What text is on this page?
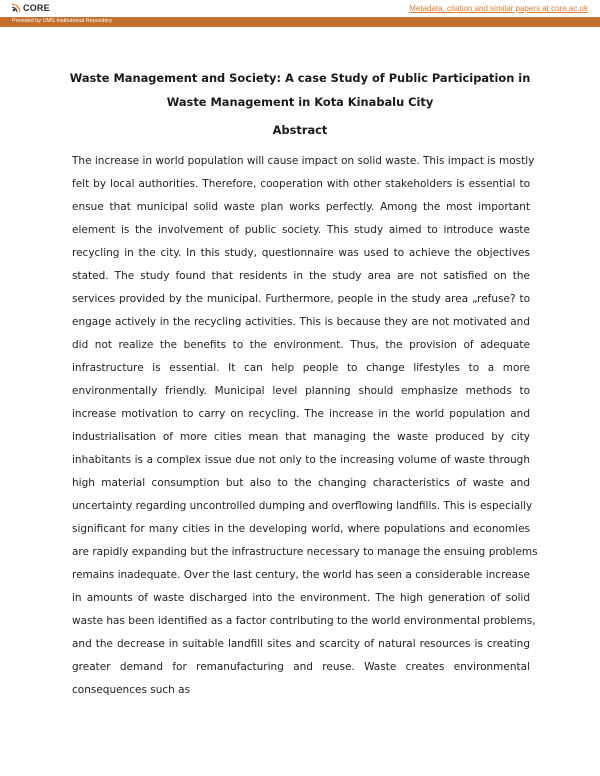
CORE	Metadata, citation and similar papers at core.ac.uk
Provided by UMS Institutional Repository
Waste Management and Society: A case Study of Public Participation in
Waste Management in Kota Kinabalu City
Abstract
The increase in world population will cause impact on solid waste. This impact is mostly
felt by local authorities. Therefore, cooperation with other stakeholders is essential to
ensue that municipal solid waste plan works perfectly. Among the most important
element is the involvement of public society. This study aimed to introduce waste
recycling in the city. In this study, questionnaire was used to achieve the objectives
stated. The study found that residents in the study area are not satisfied on the
services provided by the municipal. Furthermore, people in the study area „refuse? to
engage actively in the recycling activities. This is because they are not motivated and
did not realize the benefits to the environment. Thus, the provision of adequate
infrastructure is essential. It can help people to change lifestyles to a more
environmentally friendly. Municipal level planning should emphasize methods to
increase motivation to carry on recycling. The increase in the world population and
industrialisation of more cities mean that managing the waste produced by city
inhabitants is a complex issue due not only to the increasing volume of waste through
high material consumption but also to the changing characteristics of waste and
uncertainty regarding uncontrolled dumping and overflowing landfills. This is especially
significant for many cities in the developing world, where populations and economies
are rapidly expanding but the infrastructure necessary to manage the ensuing problems
remains inadequate. Over the last century, the world has seen a considerable increase
in amounts of waste discharged into the environment. The high generation of solid
waste has been identified as a factor contributing to the world environmental problems,
and the decrease in suitable landfill sites and scarcity of natural resources is creating
greater demand for remanufacturing and reuse. Waste creates environmental
consequences such as
